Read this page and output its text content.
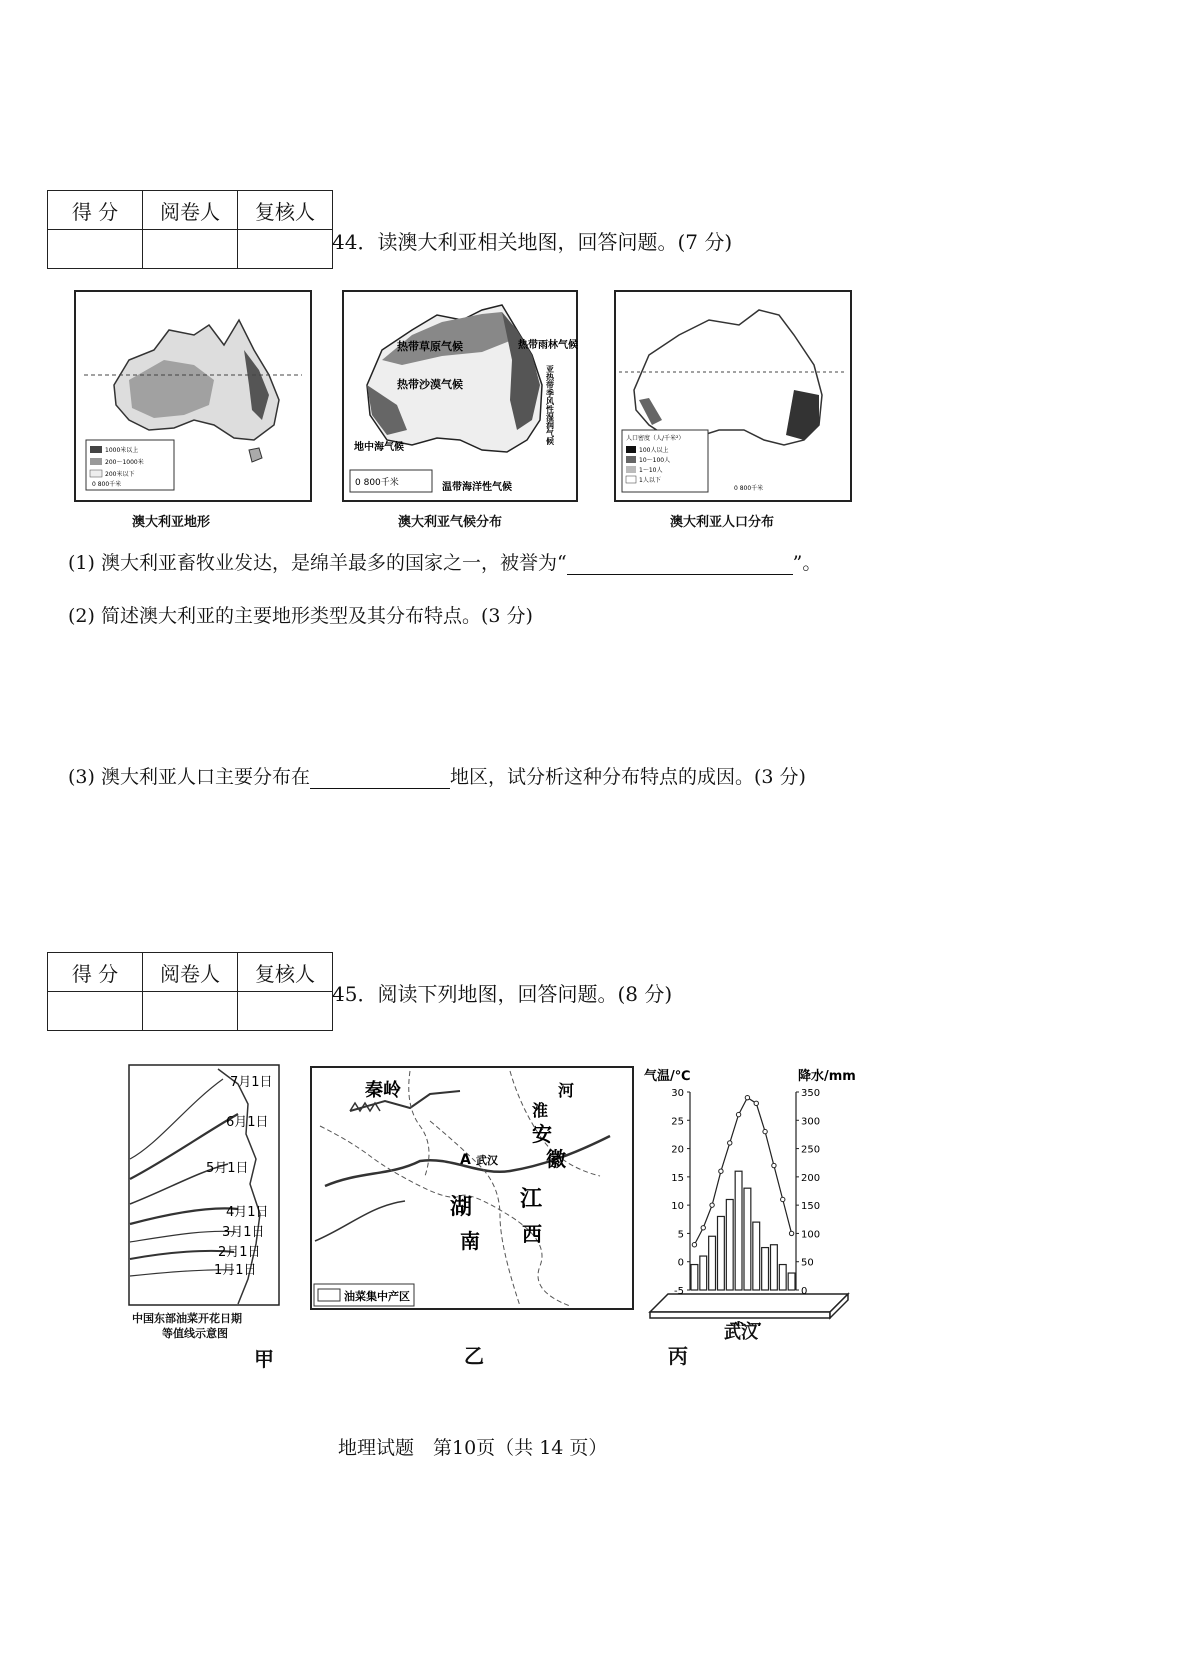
得 分	阅卷人	复核人

44．读澳大利亚相关地图，回答问题。(7 分)
1000米以上
200～1000米
200米以下
0 800千米
澳大利亚地形
热带草原气候	热带雨林气候
热带沙漠气候
地中海气候
温带海洋性气候
亚热带季风性湿润气候
0 800千米
澳大利亚气候分布
人口密度（人/千米²）
100人以上
10～100人
1～10人
1人以下
0 800千米
澳大利亚人口分布
(1) 澳大利亚畜牧业发达，是绵羊最多的国家之一，被誉为“	”。
(2) 简述澳大利亚的主要地形类型及其分布特点。(3 分)
(3) 澳大利亚人口主要分布在	地区，试分析这种分布特点的成因。(3 分)
得 分	阅卷人	复核人

45．阅读下列地图，回答问题。(8 分)
7月1日
6月1日
5月1日
4月1日
3月1日
2月1日
1月1日
中国东部油菜开花日期
等值线示意图
甲
秦岭	河
淮
安
徽
A 武汉
湖
南
江
西
油菜集中产区
乙
气温/℃	降水/mm
-5
0
5
10
15
20
25
30
0
50
100
150
200
250
300
350
武汉
丙
地理试题　第10页（共 14 页）
